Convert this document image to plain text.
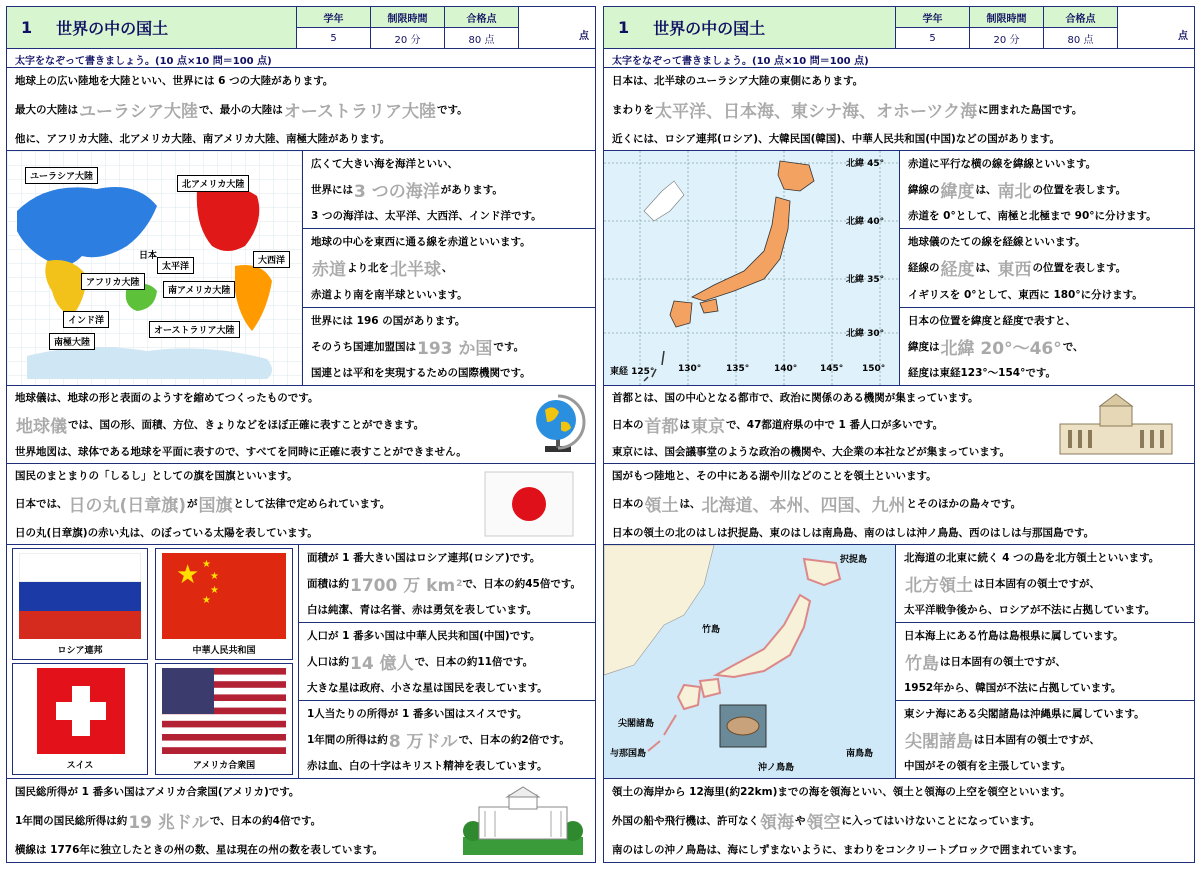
1 世界の中の国土	学年
5
制限時間
20 分
合格点
80 点	点
太字をなぞって書きましょう。(10 点×10 問＝100 点)
地球上の広い陸地を大陸といい、世界には 6 つの大陸があります。
最大の大陸は ユーラシア大陸 で、最小の大陸は オーストラリア大陸 です。
他に、アフリカ大陸、北アメリカ大陸、南アメリカ大陸、南極大陸があります。
ユーラシア大陸
北アメリカ大陸
日本
太平洋
大西洋
アフリカ大陸
南アメリカ大陸
インド洋
オーストラリア大陸
南極大陸
広くて大きい海を海洋といい、
世界には 3 つの海洋 があります。
3 つの海洋は、太平洋、大西洋、インド洋です。
地球の中心を東西に通る線を赤道といいます。
赤道 より北を 北半球 、
赤道より南を南半球といいます。
世界には 196 の国があります。
そのうち国連加盟国は 193 か国 です。
国連とは平和を実現するための国際機関です。
地球儀は、地球の形と表面のようすを縮めてつくったものです。
地球儀 では、国の形、面積、方位、きょりなどをほぼ正確に表すことができます。
世界地図は、球体である地球を平面に表すので、すべてを同時に正確に表すことができません。
国民のまとまりの「しるし」としての旗を国旗といいます。
日本では、 日の丸(日章旗) が 国旗 として法律で定められています。
日の丸(日章旗)の赤い丸は、のぼっている太陽を表しています。
ロシア連邦
★ ★
★
★
★
中華人民共和国
スイス	アメリカ合衆国
面積が 1 番大きい国はロシア連邦(ロシア)です。
面積は約 1700 万 km 2 で、日本の約45倍です。
白は純潔、青は名誉、赤は勇気を表しています。
人口が 1 番多い国は中華人民共和国(中国)です。
人口は約 14 億人 で、日本の約11倍です。
大きな星は政府、小さな星は国民を表しています。
1人当たりの所得が 1 番多い国はスイスです。
1年間の所得は約 8 万ドル で、日本の約2倍です。
赤は血、白の十字はキリスト精神を表しています。
国民総所得が 1 番多い国はアメリカ合衆国(アメリカ)です。
1年間の国民総所得は約 19 兆ドル で、日本の約4倍です。
横線は 1776年に独立したときの州の数、星は現在の州の数を表しています。
1 世界の中の国土	学年
5
制限時間
20 分
合格点
80 点	点
太字をなぞって書きましょう。(10 点×10 問＝100 点)
日本は、北半球のユーラシア大陸の東側にあります。
まわりを 太平洋、日本海、東シナ海、オホーツク海 に囲まれた島国です。
近くには、ロシア連邦(ロシア)、大韓民国(韓国)、中華人民共和国(中国)などの国があります。
北緯 45°
北緯 40°
北緯 35°
北緯 30°
東経 125°	130°	135°	140°	145°	150°
赤道に平行な横の線を緯線といいます。
緯線の 緯度 は、 南北 の位置を表します。
赤道を 0°として、南極と北極まで 90°に分けます。
地球儀のたての線を経線といいます。
経線の 経度 は、 東西 の位置を表します。
イギリスを 0°として、東西に 180°に分けます。
日本の位置を緯度と経度で表すと、
緯度は 北緯 20°～46° で、
経度は東経123°～154°です。
首都とは、国の中心となる都市で、政治に関係のある機関が集まっています。
日本の 首都 は 東京 で、47都道府県の中で 1 番人口が多いです。
東京には、国会議事堂のような政治の機関や、大企業の本社などが集まっています。
国がもつ陸地と、その中にある湖や川などのことを領土といいます。
日本の 領土 は、 北海道、本州、四国、九州 とそのほかの島々です。
日本の領土の北のはしは択捉島、東のはしは南鳥島、南のはしは沖ノ鳥島、西のはしは与那国島です。
択捉島
竹島
尖閣諸島
与那国島	南鳥島
沖ノ鳥島
北海道の北東に続く 4 つの島を北方領土といいます。
北方領土 は日本固有の領土ですが、
太平洋戦争後から、ロシアが不法に占拠しています。
日本海上にある竹島は島根県に属しています。
竹島 は日本固有の領土ですが、
1952年から、韓国が不法に占拠しています。
東シナ海にある尖閣諸島は沖縄県に属しています。
尖閣諸島 は日本固有の領土ですが、
中国がその領有を主張しています。
領土の海岸から 12海里(約22km)までの海を領海といい、領土と領海の上空を領空といいます。
外国の船や飛行機は、許可なく 領海 や 領空 に入ってはいけないことになっています。
南のはしの沖ノ鳥島は、海にしずまないように、まわりをコンクリートブロックで囲まれています。
